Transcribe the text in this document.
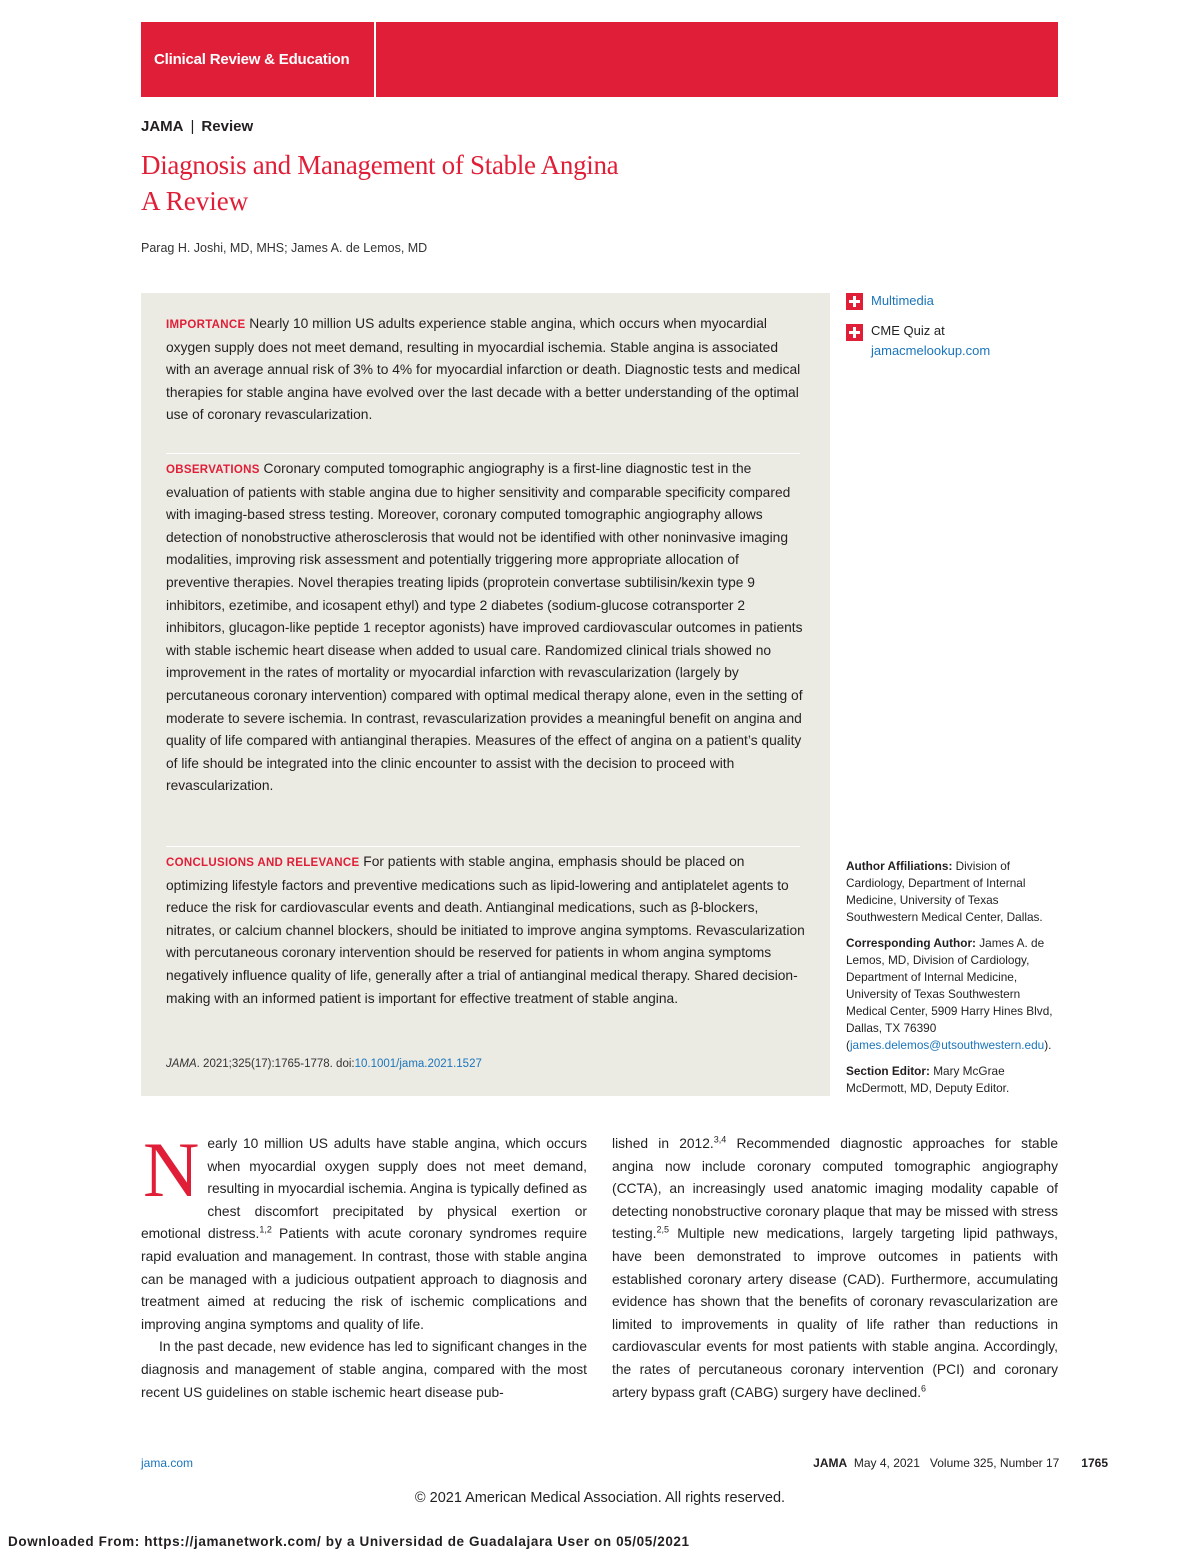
Clinical Review & Education
JAMA | Review
Diagnosis and Management of Stable Angina
A Review
Parag H. Joshi, MD, MHS; James A. de Lemos, MD
IMPORTANCE Nearly 10 million US adults experience stable angina, which occurs when myocardial oxygen supply does not meet demand, resulting in myocardial ischemia. Stable angina is associated with an average annual risk of 3% to 4% for myocardial infarction or death. Diagnostic tests and medical therapies for stable angina have evolved over the last decade with a better understanding of the optimal use of coronary revascularization.
OBSERVATIONS Coronary computed tomographic angiography is a first-line diagnostic test in the evaluation of patients with stable angina due to higher sensitivity and comparable specificity compared with imaging-based stress testing. Moreover, coronary computed tomographic angiography allows detection of nonobstructive atherosclerosis that would not be identified with other noninvasive imaging modalities, improving risk assessment and potentially triggering more appropriate allocation of preventive therapies. Novel therapies treating lipids (proprotein convertase subtilisin/kexin type 9 inhibitors, ezetimibe, and icosapent ethyl) and type 2 diabetes (sodium-glucose cotransporter 2 inhibitors, glucagon-like peptide 1 receptor agonists) have improved cardiovascular outcomes in patients with stable ischemic heart disease when added to usual care. Randomized clinical trials showed no improvement in the rates of mortality or myocardial infarction with revascularization (largely by percutaneous coronary intervention) compared with optimal medical therapy alone, even in the setting of moderate to severe ischemia. In contrast, revascularization provides a meaningful benefit on angina and quality of life compared with antianginal therapies. Measures of the effect of angina on a patient’s quality of life should be integrated into the clinic encounter to assist with the decision to proceed with revascularization.
CONCLUSIONS AND RELEVANCE For patients with stable angina, emphasis should be placed on optimizing lifestyle factors and preventive medications such as lipid-lowering and antiplatelet agents to reduce the risk for cardiovascular events and death. Antianginal medications, such as β-blockers, nitrates, or calcium channel blockers, should be initiated to improve angina symptoms. Revascularization with percutaneous coronary intervention should be reserved for patients in whom angina symptoms negatively influence quality of life, generally after a trial of antianginal medical therapy. Shared decision-making with an informed patient is important for effective treatment of stable angina.
JAMA. 2021;325(17):1765-1778. doi:10.1001/jama.2021.1527
Multimedia
CME Quiz at
jamacmelookup.com
Author Affiliations: Division of Cardiology, Department of Internal Medicine, University of Texas Southwestern Medical Center, Dallas.
Corresponding Author: James A. de Lemos, MD, Division of Cardiology, Department of Internal Medicine, University of Texas Southwestern Medical Center, 5909 Harry Hines Blvd, Dallas, TX 76390 (james.delemos@utsouthwestern.edu).
Section Editor: Mary McGrae McDermott, MD, Deputy Editor.

Nearly 10 million US adults have stable angina, which occurs when myocardial oxygen supply does not meet demand, resulting in myocardial ischemia. Angina is typically defined as chest discomfort precipitated by physical exertion or emotional distress.$^{1,2}$ Patients with acute coronary syndromes require rapid evaluation and management. In contrast, those with stable angina can be managed with a judicious outpatient approach to diagnosis and treatment aimed at reducing the risk of ischemic complications and improving angina symptoms and quality of life.

In the past decade, new evidence has led to significant changes in the diagnosis and management of stable angina, compared with the most recent US guidelines on stable ischemic heart disease pub-

lished in 2012.$^{3,4}$ Recommended diagnostic approaches for stable angina now include coronary computed tomographic angiography (CCTA), an increasingly used anatomic imaging modality capable of detecting nonobstructive coronary plaque that may be missed with stress testing.$^{2,5}$ Multiple new medications, largely targeting lipid pathways, have been demonstrated to improve outcomes in patients with established coronary artery disease (CAD). Furthermore, accumulating evidence has shown that the benefits of coronary revascularization are limited to improvements in quality of life rather than reductions in cardiovascular events for most patients with stable angina. Accordingly, the rates of percutaneous coronary intervention (PCI) and coronary artery bypass graft (CABG) surgery have declined.$^6$

jama.com	JAMA May 4, 2021   Volume 325, Number 17 1765
© 2021 American Medical Association. All rights reserved.
Downloaded From: https://jamanetwork.com/ by a Universidad de Guadalajara User on 05/05/2021
